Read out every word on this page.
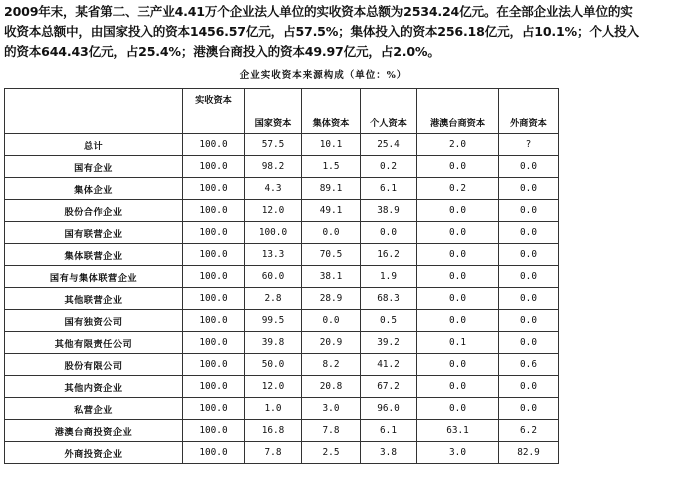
2009年末，某省第二、三产业4.41万个企业法人单位的实收资本总额为2534.24亿元。在全部企业法人单位的实
收资本总额中，由国家投入的资本1456.57亿元，占57.5%；集体投入的资本256.18亿元，占10.1%；个人投入
的资本644.43亿元，占25.4%；港澳台商投入的资本49.97亿元，占2.0%。
企业实收资本来源构成（单位：%）
	实收资本					
		国家资本	集体资本	个人资本	港澳台商资本	外商资本
总计	100.0	57.5	10.1	25.4	2.0	?
国有企业	100.0	98.2	1.5	0.2	0.0	0.0
集体企业	100.0	4.3	89.1	6.1	0.2	0.0
股份合作企业	100.0	12.0	49.1	38.9	0.0	0.0
国有联营企业	100.0	100.0	0.0	0.0	0.0	0.0
集体联营企业	100.0	13.3	70.5	16.2	0.0	0.0
国有与集体联营企业	100.0	60.0	38.1	1.9	0.0	0.0
其他联营企业	100.0	2.8	28.9	68.3	0.0	0.0
国有独资公司	100.0	99.5	0.0	0.5	0.0	0.0
其他有限责任公司	100.0	39.8	20.9	39.2	0.1	0.0
股份有限公司	100.0	50.0	8.2	41.2	0.0	0.6
其他内资企业	100.0	12.0	20.8	67.2	0.0	0.0
私营企业	100.0	1.0	3.0	96.0	0.0	0.0
港澳台商投资企业	100.0	16.8	7.8	6.1	63.1	6.2
外商投资企业	100.0	7.8	2.5	3.8	3.0	82.9
